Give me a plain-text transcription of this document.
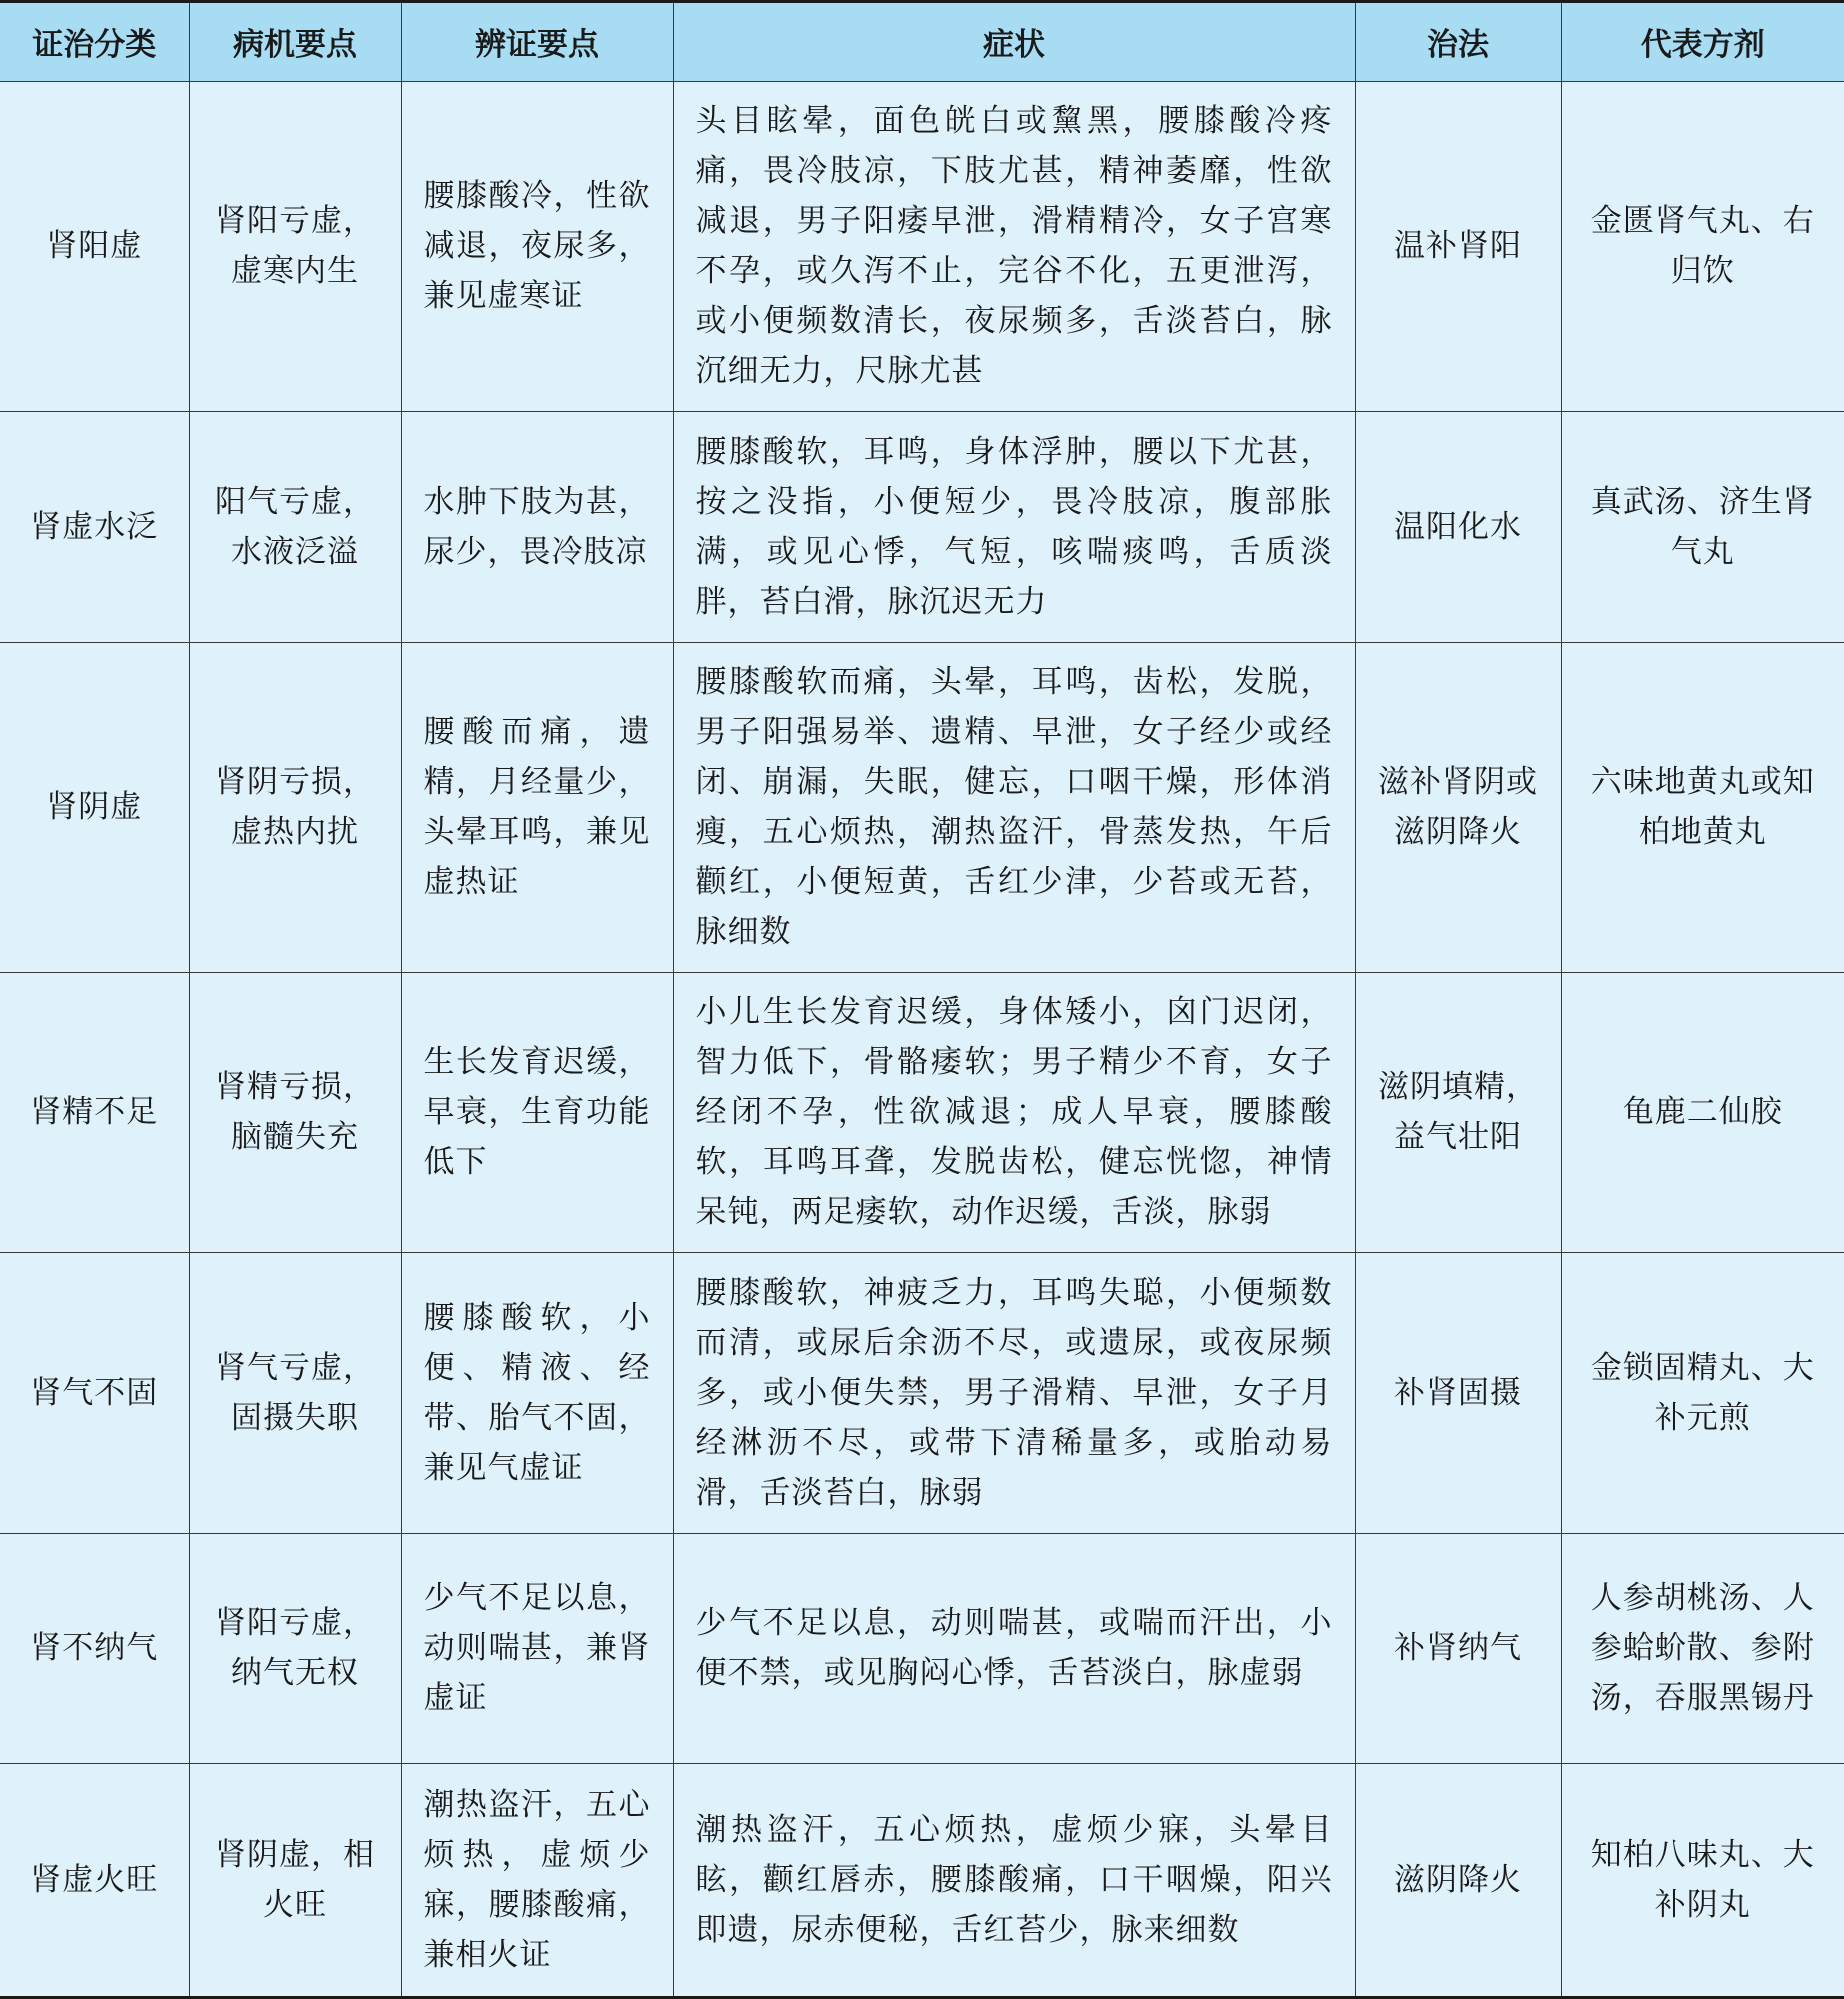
证治分类	病机要点	辨证要点	症状	治法	代表方剂
肾阳虚	肾阳亏虚，虚寒内生	腰膝酸冷，性欲减退，夜尿多，兼见虚寒证	头目眩晕，面色㿠白或黧黑，腰膝酸冷疼痛，畏冷肢凉，下肢尤甚，精神萎靡，性欲减退，男子阳痿早泄，滑精精冷，女子宫寒不孕，或久泻不止，完谷不化，五更泄泻，或小便频数清长，夜尿频多，舌淡苔白，脉沉细无力，尺脉尤甚	温补肾阳	金匮肾气丸、右归饮
肾虚水泛	阳气亏虚，水液泛溢	水肿下肢为甚，尿少，畏冷肢凉	腰膝酸软，耳鸣，身体浮肿，腰以下尤甚，按之没指，小便短少，畏冷肢凉，腹部胀满，或见心悸，气短，咳喘痰鸣，舌质淡胖，苔白滑，脉沉迟无力	温阳化水	真武汤、济生肾气丸
肾阴虚	肾阴亏损，虚热内扰	腰酸而痛，遗精，月经量少，头晕耳鸣，兼见虚热证	腰膝酸软而痛，头晕，耳鸣，齿松，发脱，男子阳强易举、遗精、早泄，女子经少或经闭、崩漏，失眠，健忘，口咽干燥，形体消瘦，五心烦热，潮热盗汗，骨蒸发热，午后颧红，小便短黄，舌红少津，少苔或无苔，脉细数	滋补肾阴或滋阴降火	六味地黄丸或知柏地黄丸
肾精不足	肾精亏损，脑髓失充	生长发育迟缓，早衰，生育功能低下	小儿生长发育迟缓，身体矮小，囟门迟闭，智力低下，骨骼痿软；男子精少不育，女子经闭不孕，性欲减退；成人早衰，腰膝酸软，耳鸣耳聋，发脱齿松，健忘恍惚，神情呆钝，两足痿软，动作迟缓，舌淡，脉弱	滋阴填精，益气壮阳	龟鹿二仙胶
肾气不固	肾气亏虚，固摄失职	腰膝酸软，小便、精液、经带、胎气不固，兼见气虚证	腰膝酸软，神疲乏力，耳鸣失聪，小便频数而清，或尿后余沥不尽，或遗尿，或夜尿频多，或小便失禁，男子滑精、早泄，女子月经淋沥不尽，或带下清稀量多，或胎动易滑，舌淡苔白，脉弱	补肾固摄	金锁固精丸、大补元煎
肾不纳气	肾阳亏虚，纳气无权	少气不足以息，动则喘甚，兼肾虚证	少气不足以息，动则喘甚，或喘而汗出，小便不禁，或见胸闷心悸，舌苔淡白，脉虚弱	补肾纳气	人参胡桃汤、人参蛤蚧散、参附汤，吞服黑锡丹
肾虚火旺	肾阴虚，相火旺	潮热盗汗，五心烦热，虚烦少寐，腰膝酸痛，兼相火证	潮热盗汗，五心烦热，虚烦少寐，头晕目眩，颧红唇赤，腰膝酸痛，口干咽燥，阳兴即遗，尿赤便秘，舌红苔少，脉来细数	滋阴降火	知柏八味丸、大补阴丸
